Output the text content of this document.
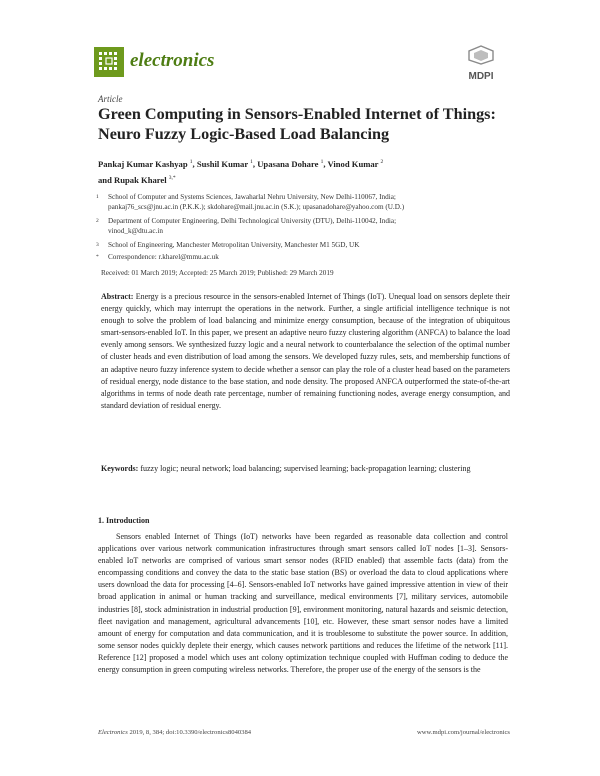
electronics
MDPI
Article
Green Computing in Sensors-Enabled Internet of Things: Neuro Fuzzy Logic-Based Load Balancing
Pankaj Kumar Kashyap $^1$, Sushil Kumar $^1$, Upasana Dohare $^1$, Vinod Kumar $^2$
and Rupak Kharel $^{3,*}$
1 School of Computer and Systems Sciences, Jawaharlal Nehru University, New Delhi-110067, India;
pankaj76_scs@jnu.ac.in (P.K.K.); skdohare@mail.jnu.ac.in (S.K.); upasanadohare@yahoo.com (U.D.)
2 Department of Computer Engineering, Delhi Technological University (DTU), Delhi-110042, India;
vinod_k@dtu.ac.in
3 School of Engineering, Manchester Metropolitan University, Manchester M1 5GD, UK
* Correspondence: r.kharel@mmu.ac.uk
Received: 01 March 2019; Accepted: 25 March 2019; Published: 29 March 2019
Abstract: Energy is a precious resource in the sensors-enabled Internet of Things (IoT). Unequal load on sensors deplete their energy quickly, which may interrupt the operations in the network. Further, a single artificial intelligence technique is not enough to solve the problem of load balancing and minimize energy consumption, because of the integration of ubiquitous smart-sensors-enabled IoT. In this paper, we present an adaptive neuro fuzzy clustering algorithm (ANFCA) to balance the load evenly among sensors. We synthesized fuzzy logic and a neural network to counterbalance the selection of the optimal number of cluster heads and even distribution of load among the sensors. We developed fuzzy rules, sets, and membership functions of an adaptive neuro fuzzy inference system to decide whether a sensor can play the role of a cluster head based on the parameters of residual energy, node distance to the base station, and node density. The proposed ANFCA outperformed the state-of-the-art algorithms in terms of node death rate percentage, number of remaining functioning nodes, average energy consumption, and standard deviation of residual energy.
Keywords: fuzzy logic; neural network; load balancing; supervised learning; back-propagation learning; clustering
1. Introduction
Sensors enabled Internet of Things (IoT) networks have been regarded as reasonable data collection and control applications over various network communication infrastructures through smart sensors called IoT nodes [1–3]. Sensors-enabled IoT networks are comprised of various smart sensor nodes (RFID enabled) that assemble facts (data) from the encompassing conditions and convey the data to the static base station (BS) or overload the data to cloud applications where users download the data for processing [4–6]. Sensors-enabled IoT networks have gained impressive attention in view of their broad application in animal or human tracking and surveillance, medical environments [7], military services, automobile industries [8], stock administration in industrial production [9], environment monitoring, natural hazards and seismic detection, fleet navigation and management, agricultural advancements [10], etc. However, these smart sensor nodes have a limited amount of energy for computation and data communication, and it is troublesome to substitute the power source. In addition, some sensor nodes quickly deplete their energy, which causes network partitions and reduces the lifetime of the network [11]. Reference [12] proposed a model which uses ant colony optimization technique coupled with Huffman coding to deduce the energy consumption in green computing wireless networks. Therefore, the proper use of the energy of the sensors is the
Electronics 2019, 8, 384; doi:10.3390/electronics8040384	www.mdpi.com/journal/electronics
